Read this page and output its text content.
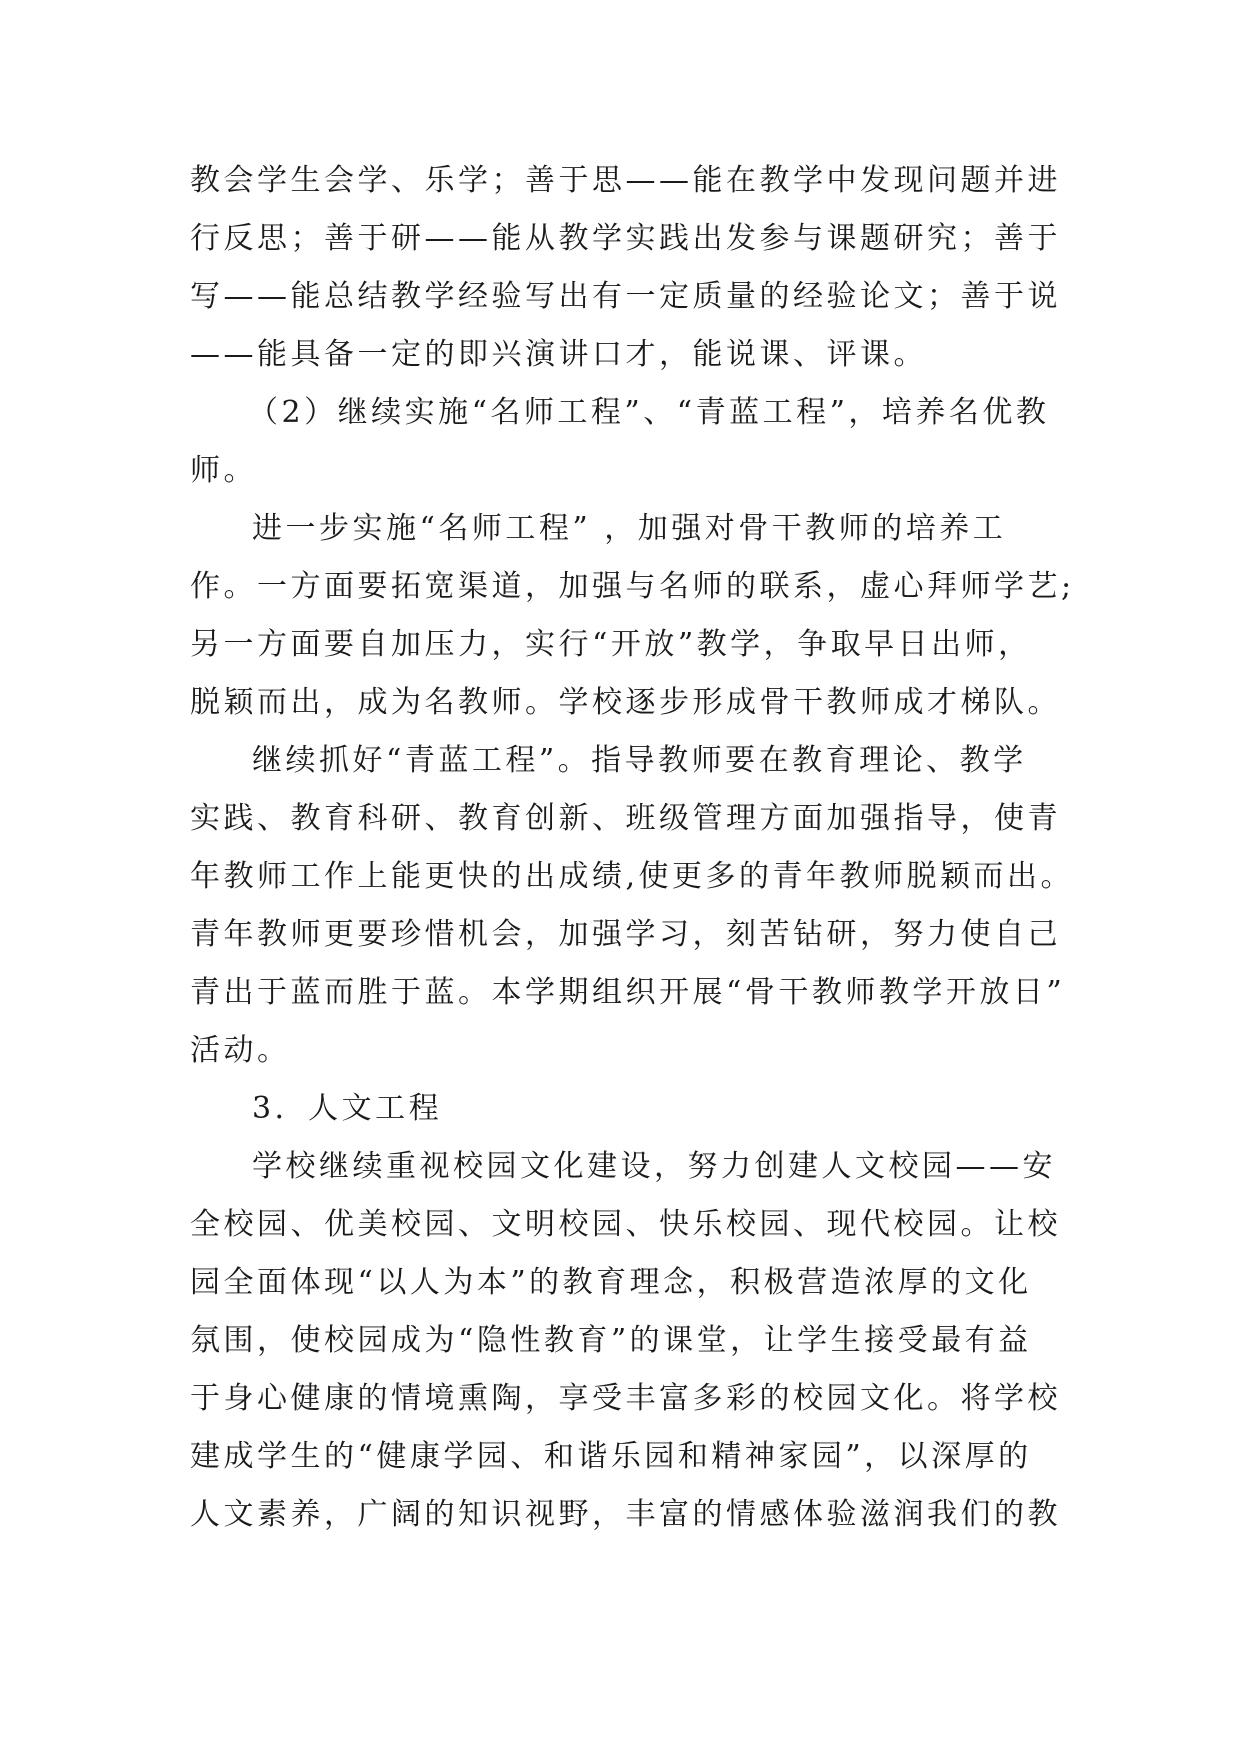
教会学生会学、乐学；善于思——能在教学中发现问题并进
行反思；善于研——能从教学实践出发参与课题研究；善于
写——能总结教学经验写出有一定质量的经验论文；善于说
——能具备一定的即兴演讲口才，能说课、评课。
（2）继续实施“名师工程”、“青蓝工程”，培养名优教
师。
进一步实施“名师工程” ，加强对骨干教师的培养工
作。一方面要拓宽渠道，加强与名师的联系，虚心拜师学艺;
另一方面要自加压力，实行“开放”教学，争取早日出师，
脱颖而出，成为名教师。学校逐步形成骨干教师成才梯队。
继续抓好“青蓝工程”。指导教师要在教育理论、教学
实践、教育科研、教育创新、班级管理方面加强指导，使青
年教师工作上能更快的出成绩,使更多的青年教师脱颖而出。
青年教师更要珍惜机会，加强学习，刻苦钻研，努力使自己
青出于蓝而胜于蓝。本学期组织开展“骨干教师教学开放日”
活动。
3．人文工程
学校继续重视校园文化建设，努力创建人文校园——安
全校园、优美校园、文明校园、快乐校园、现代校园。让校
园全面体现“以人为本”的教育理念，积极营造浓厚的文化
氛围，使校园成为“隐性教育”的课堂，让学生接受最有益
于身心健康的情境熏陶，享受丰富多彩的校园文化。将学校
建成学生的“健康学园、和谐乐园和精神家园”，以深厚的
人文素养，广阔的知识视野，丰富的情感体验滋润我们的教
